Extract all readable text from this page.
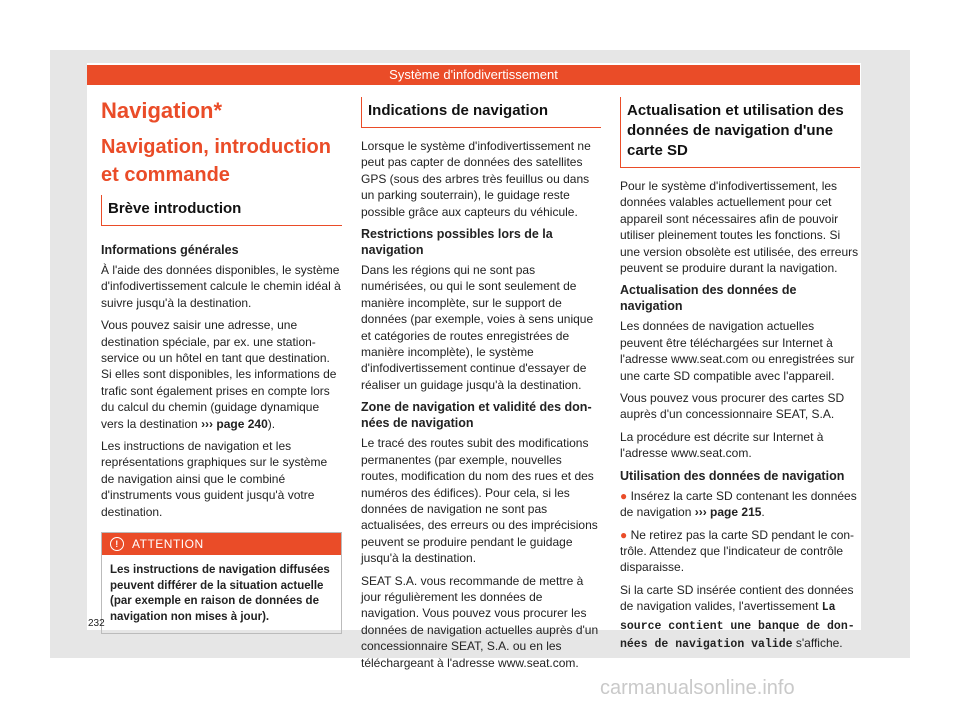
Système d'infodivertissement
Navigation*
Navigation, introduction et commande
Brève introduction
Informations générales

À l'aide des données disponibles, le système d'infodivertissement calcule le chemin idéal à suivre jusqu'à la destination.

Vous pouvez saisir une adresse, une destination spéciale, par ex. une station-service ou un hôtel en tant que destination. Si elles sont disponibles, les informations de trafic sont également prises en compte lors du calcul du chemin (guidage dynamique vers la destination ››› page 240).

Les instructions de navigation et les représentations graphiques sur le système de navigation ainsi que le combiné d'instruments vous guident jusqu'à votre destination.

!	ATTENTION
Les instructions de navigation diffusées peuvent différer de la situation actuelle (par exemple en raison de données de navigation non mises à jour).
Indications de navigation

Lorsque le système d'infodivertissement ne peut pas capter de données des satellites GPS (sous des arbres très feuillus ou dans un parking souterrain), le guidage reste possible grâce aux capteurs du véhicule.

Restrictions possibles lors de la navigation

Dans les régions qui ne sont pas numérisées, ou qui le sont seulement de manière incomplète, sur le support de données (par exemple, voies à sens unique et catégories de routes enregistrées de manière incomplète), le système d'infodivertissement continue d'essayer de réaliser un guidage jusqu'à la destination.

Zone de navigation et validité des données de navigation

Le tracé des routes subit des modifications permanentes (par exemple, nouvelles routes, modification du nom des rues et des numéros des édifices). Pour cela, si les données de navigation ne sont pas actualisées, des erreurs ou des imprécisions peuvent se produire pendant le guidage jusqu'à la destination.

SEAT S.A. vous recommande de mettre à jour régulièrement les données de navigation. Vous pouvez vous procurer les données de navigation actuelles auprès d'un concessionnaire SEAT, S.A. ou en les téléchargeant à l'adresse www.seat.com.

Actualisation et utilisation des données de navigation d'une carte SD

Pour le système d'infodivertissement, les données valables actuellement pour cet appareil sont nécessaires afin de pouvoir utiliser pleinement toutes les fonctions. Si une version obsolète est utilisée, des erreurs peuvent se produire durant la navigation.

Actualisation des données de navigation

Les données de navigation actuelles peuvent être téléchargées sur Internet à l'adresse www.seat.com ou enregistrées sur une carte SD compatible avec l'appareil.

Vous pouvez vous procurer des cartes SD auprès d'un concessionnaire SEAT, S.A.

La procédure est décrite sur Internet à l'adresse www.seat.com.

Utilisation des données de navigation
● Insérez la carte SD contenant les données de navigation ››› page 215.
● Ne retirez pas la carte SD pendant le contrôle. Attendez que l'indicateur de contrôle disparaisse.

Si la carte SD insérée contient des données de navigation valides, l'avertissement La source contient une banque de données de navigation valide s'affiche.

232
carmanualsonline.info
